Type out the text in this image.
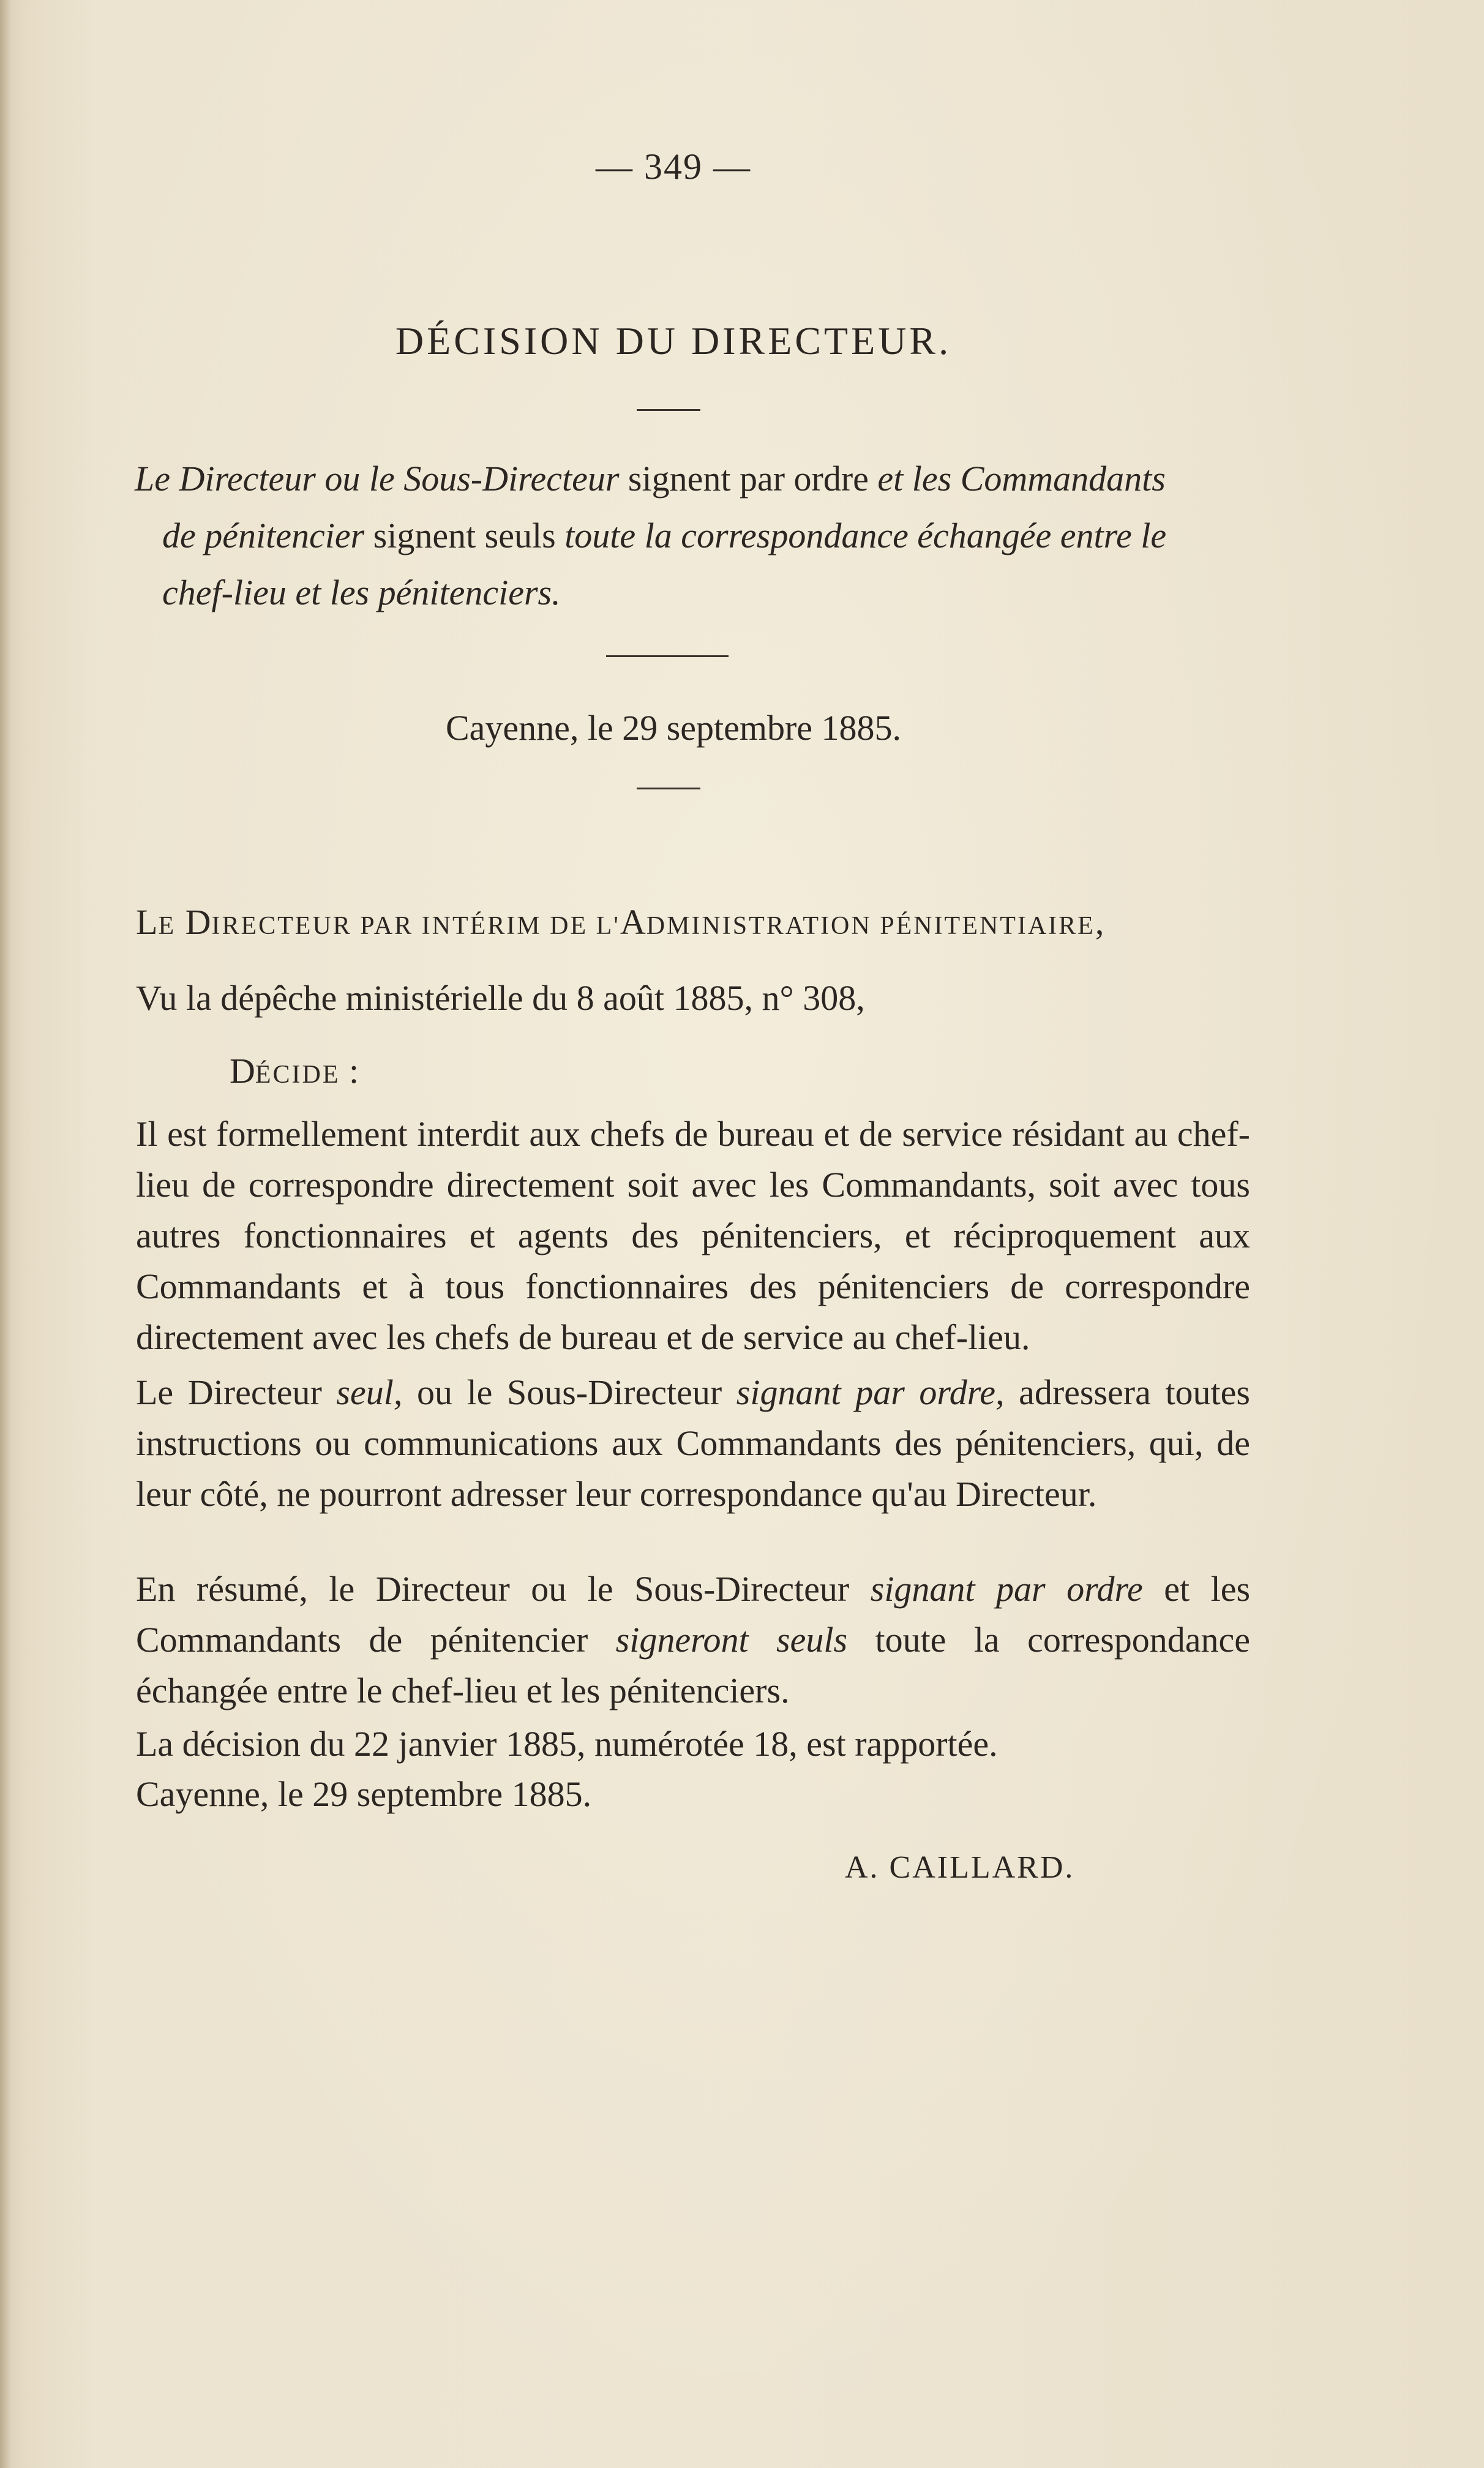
— 349 —
DÉCISION DU DIRECTEUR.
Le Directeur ou le Sous-Directeur signent par ordre et les Commandants
de pénitencier signent seuls toute la correspondance échangée entre le
chef-lieu et les pénitenciers.
Cayenne, le 29 septembre 1885.
LE DIRECTEUR PAR INTÉRIM DE L'ADMINISTRATION PÉNITENTIAIRE,
Vu la dépêche ministérielle du 8 août 1885, n° 308,
DÉCIDE :

Il est formellement interdit aux chefs de bureau et de service résidant au chef-lieu de correspondre directement soit avec les Commandants, soit avec tous autres fonctionnaires et agents des pénitenciers, et réciproquement aux Commandants et à tous fonctionnaires des pénitenciers de correspondre directement avec les chefs de bureau et de service au chef-lieu.

Le Directeur seul, ou le Sous-Directeur signant par ordre, adressera toutes instructions ou communications aux Commandants des pénitenciers, qui, de leur côté, ne pourront adresser leur correspondance qu'au Directeur.

En résumé, le Directeur ou le Sous-Directeur signant par ordre et les Commandants de pénitencier signeront seuls toute la correspondance échangée entre le chef-lieu et les pénitenciers.

La décision du 22 janvier 1885, numérotée 18, est rapportée.

Cayenne, le 29 septembre 1885.

A. CAILLARD.
